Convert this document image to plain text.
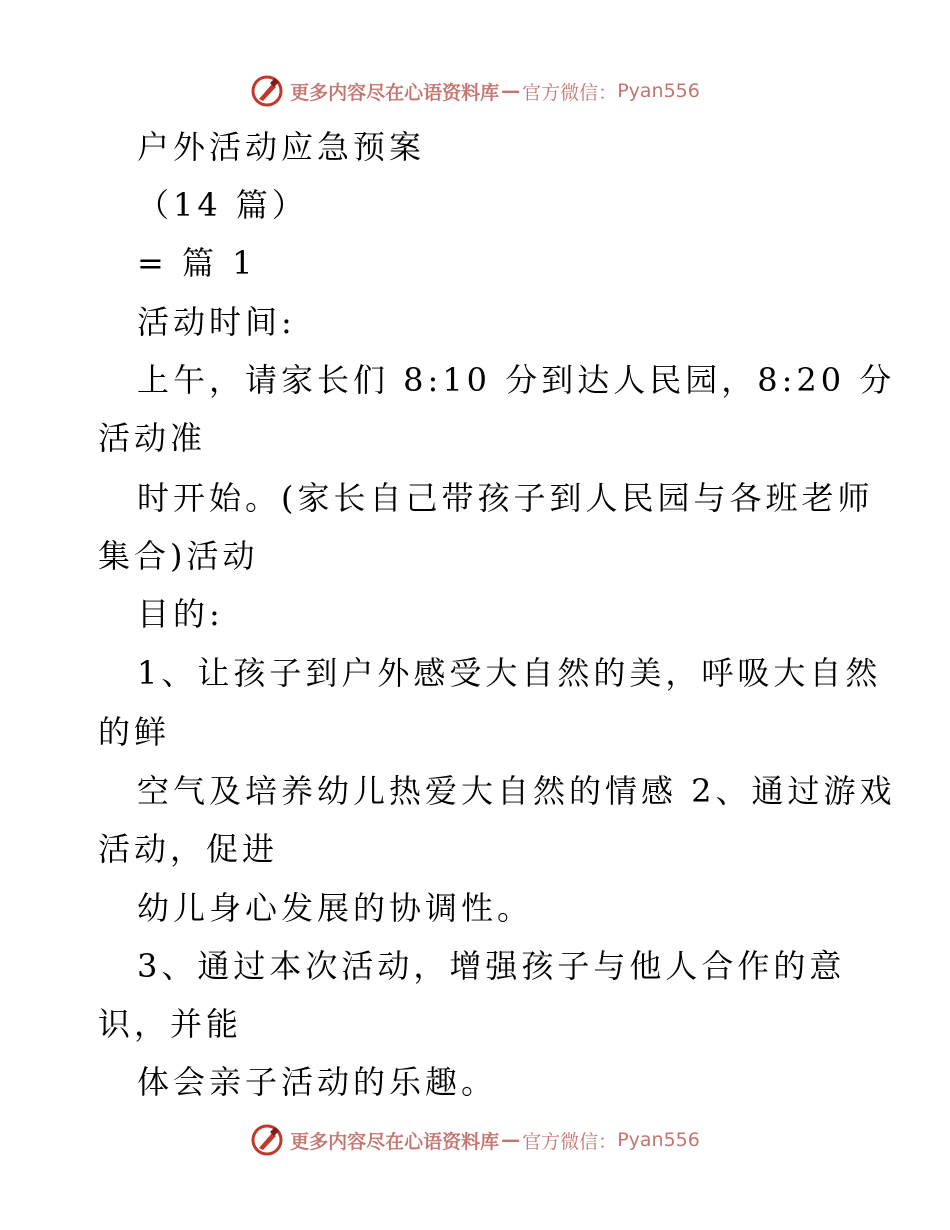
更多内容尽在心语资料库 — 官方微信： Pyan556
户外活动应急预案
（14 篇）
= 篇 1
活动时间:
上午，请家长们 8:10 分到达人民园，8:20 分
活动准
时开始。(家长自己带孩子到人民园与各班老师
集合)活动
目的:
1、让孩子到户外感受大自然的美，呼吸大自然
的鲜
空气及培养幼儿热爱大自然的情感 2、通过游戏
活动，促进
幼儿身心发展的协调性。
3、通过本次活动，增强孩子与他人合作的意
识，并能
体会亲子活动的乐趣。
更多内容尽在心语资料库 — 官方微信： Pyan556
